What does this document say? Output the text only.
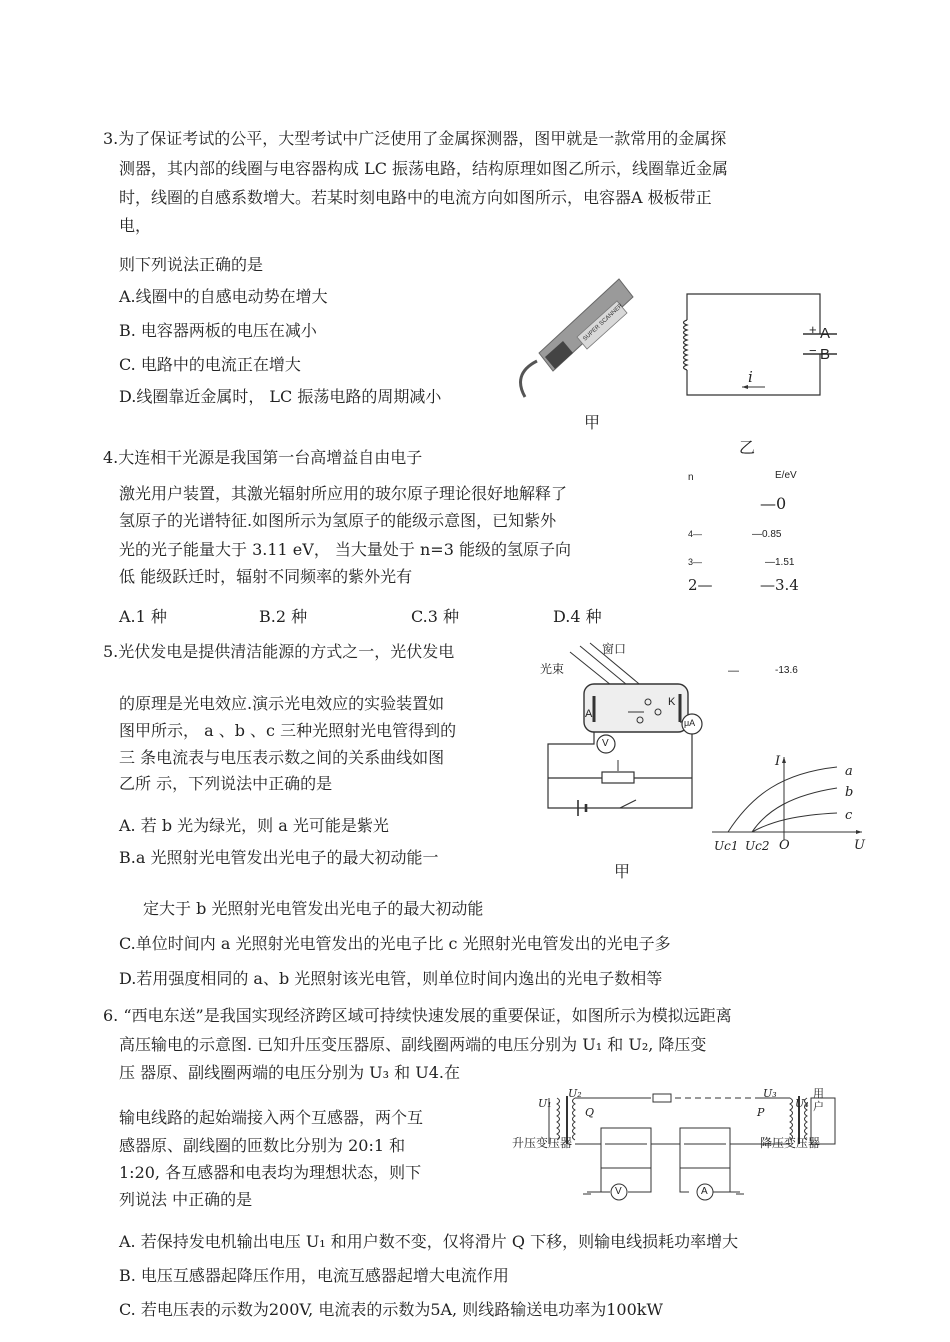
3.为了保证考试的公平，大型考试中广泛使用了金属探测器，图甲就是一款常用的金属探
测器，其内部的线圈与电容器构成 LC 振荡电路，结构原理如图乙所示，线圈靠近金属
时，线圈的自感系数增大。若某时刻电路中的电流方向如图所示，电容器A 极板带正
电，
则下列说法正确的是
A.线圈中的自感电动势在增大
B. 电容器两板的电压在减小
C. 电路中的电流正在增大
D.线圈靠近金属时， LC 振荡电路的周期减小
SUPER SCANNER
甲
+ A
− B
i
乙
4.大连相干光源是我国第一台高增益自由电子
激光用户装置，其激光辐射所应用的玻尔原子理论很好地解释了
氢原子的光谱特征.如图所示为氢原子的能级示意图，已知紫外
光的光子能量大于 3.11 eV， 当大量处于 n=3 能级的氢原子向
低 能级跃迁时，辐射不同频率的紫外光有
A.1 种	B.2 种	C.3 种	D.4 种
n	E/eV
—0
4—	—0.85
3—	—1.51
2—	—3.4
—	-13.6
5.光伏发电是提供清洁能源的方式之一，光伏发电
的原理是光电效应.演示光电效应的实验装置如
图甲所示， a 、b 、c 三种光照射光电管得到的
三 条电流表与电压表示数之间的关系曲线如图
乙所 示，下列说法中正确的是
A. 若 b 光为绿光，则 a 光可能是紫光
B.a 光照射光电管发出光电子的最大初动能一
定大于 b 光照射光电管发出光电子的最大初动能
C.单位时间内 a 光照射光电管发出的光电子比 c 光照射光电管发出的光电子多
D.若用强度相同的 a、b 光照射该光电管，则单位时间内逸出的光电子数相等
窗口
光束
A
K
μA
V
甲
I
a
b
c
Uc1 Uc2 O	U
6. “西电东送”是我国实现经济跨区域可持续快速发展的重要保证，如图所示为模拟远距离
高压输电的示意图. 已知升压变压器原、副线圈两端的电压分别为 U₁ 和 U₂, 降压变
压 器原、副线圈两端的电压分别为 U₃ 和 U4.在
输电线路的起始端接入两个互感器，两个互
感器原、副线圈的匝数比分别为 20:1 和
1:20, 各互感器和电表均为理想状态，则下
列说法 中正确的是
A. 若保持发电机输出电压 U₁ 和用户数不变，仅将滑片 Q 下移，则输电线损耗功率增大
B. 电压互感器起降压作用，电流互感器起增大电流作用
C. 若电压表的示数为200V, 电流表的示数为5A, 则线路输送电功率为100kW
U₁
U₂
Q
升压变压器
U₃
U₄
P
降压变压器
用户
V	A
